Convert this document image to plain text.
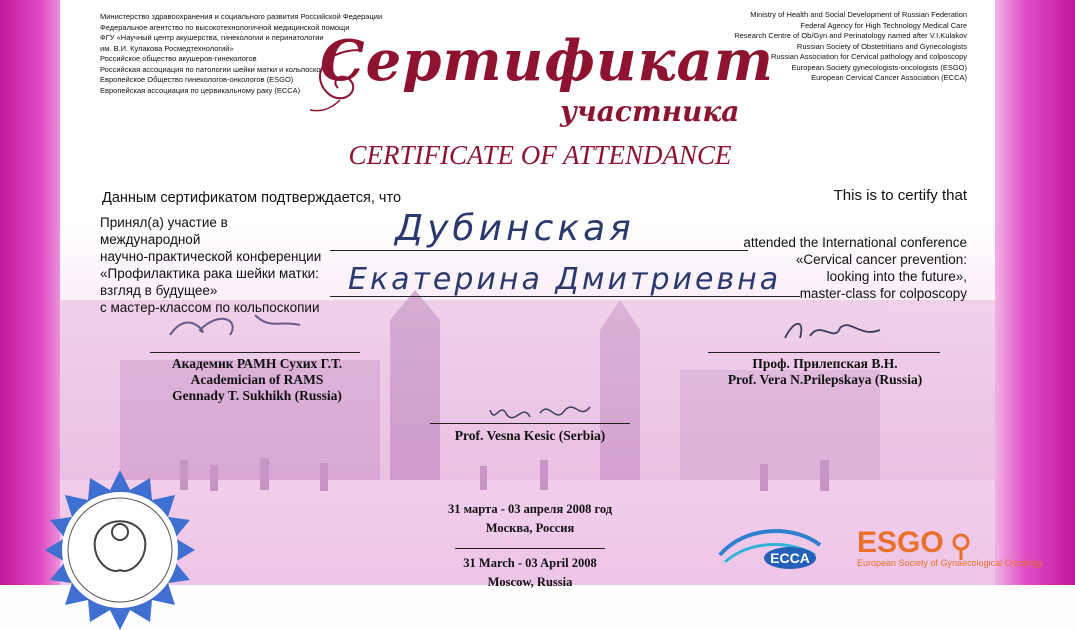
Министерство здравоохранения и социального развития Российской Федерации
Федеральное агентство по высокотехнологичной медицинской помощи
ФГУ «Научный центр акушерства, гинекологии и перинатологии
им. В.И. Кулакова Росмедтехнологий»
Российское общество акушеров-гинекологов
Российская ассоциация по патологии шейки матки и кольпоскопии
Европейское Общество гинекологов-онкологов (ESGO)
Европейская ассоциация по цервикальному раку (ECCA)
Ministry of Health and Social Development of Russian Federation
Federal Agency for High Technology Medical Care
Research Centre of Ob/Gyn and Perinatology named after V.I.Kulakov
Russian Society of Obstetritians and Gynecologists
Russian Association for Cervical pathology and colposcopy
European Society gynecologists-oncologists (ESGO)
European Cervical Cancer Association (ECCA)
Сертификат
участника
CERTIFICATE OF ATTENDANCE
Данным сертификатом подтверждается, что	This is to certify that
Принял(а) участие в международной
научно-практической конференции
«Профилактика рака шейки матки:
взгляд в будущее»
с мастер-классом по кольпоскопии
attended the International conference
«Cervical cancer prevention:
looking into the future»,
master-class for colposcopy
Дубинская
Екатерина Дмитриевна
Академик РАМН Сухих Г.Т.
Academician of RAMS
Gennady T. Sukhikh (Russia)
Проф. Прилепская В.Н.
Prof. Vera N.Prilepskaya (Russia)
Prof. Vesna Kesic (Serbia)
31 марта - 03 апреля 2008 год
Москва, Россия
31 March - 03 April 2008
Moscow, Russia
ECCA ESGO
European Society of Gynaecological Oncology
